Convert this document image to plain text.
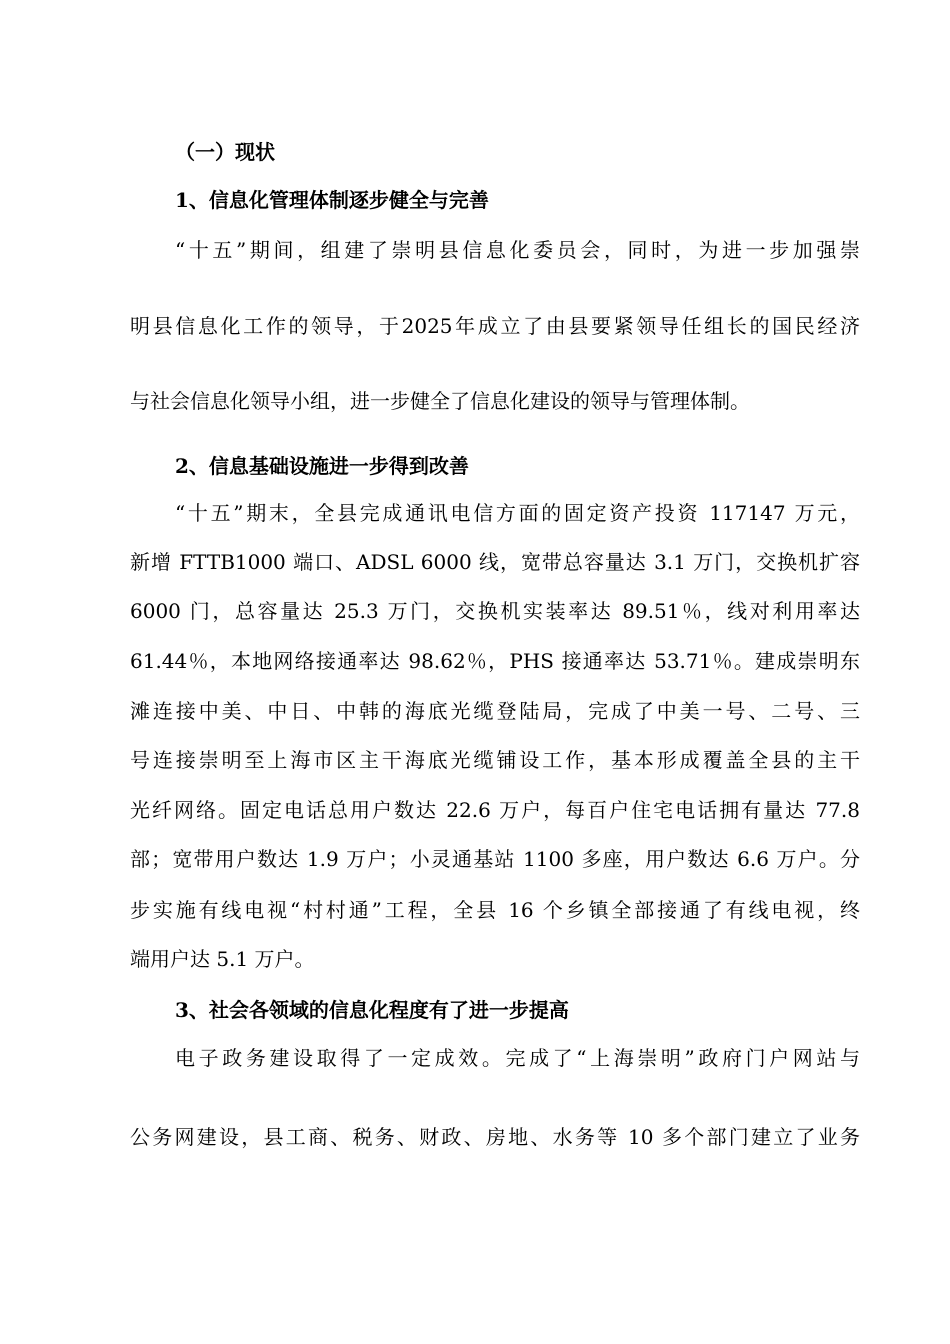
（一）现状
1、信息化管理体制逐步健全与完善
“十五”期间，组建了崇明县信息化委员会，同时，为进一步加强崇
明县信息化工作的领导，于2025年成立了由县要紧领导任组长的国民经济
与社会信息化领导小组，进一步健全了信息化建设的领导与管理体制。
2、信息基础设施进一步得到改善
“十五”期末，全县完成通讯电信方面的固定资产投资 117147 万元，
新增 FTTB1000 端口、ADSL 6000 线，宽带总容量达 3.1 万门，交换机扩容
6000 门，总容量达 25.3 万门，交换机实装率达 89.51％，线对利用率达
61.44％，本地网络接通率达 98.62％，PHS 接通率达 53.71％。建成崇明东
滩连接中美、中日、中韩的海底光缆登陆局，完成了中美一号、二号、三
号连接崇明至上海市区主干海底光缆铺设工作，基本形成覆盖全县的主干
光纤网络。固定电话总用户数达 22.6 万户，每百户住宅电话拥有量达 77.8
部；宽带用户数达 1.9 万户；小灵通基站 1100 多座，用户数达 6.6 万户。分
步实施有线电视“村村通”工程，全县 16 个乡镇全部接通了有线电视，终
端用户达 5.1 万户。
3、社会各领域的信息化程度有了进一步提高
电子政务建设取得了一定成效。完成了“上海崇明”政府门户网站与
公务网建设，县工商、税务、财政、房地、水务等 10 多个部门建立了业务
